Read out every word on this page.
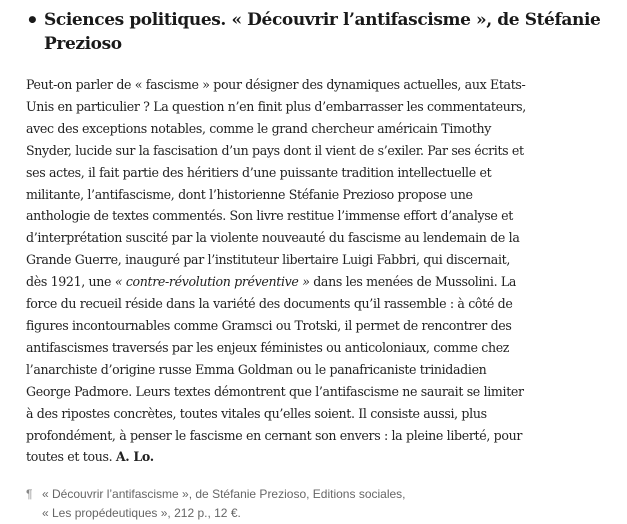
• Sciences politiques. « Découvrir l’antifascisme », de Stéfanie
Prezioso

Peut-on parler de « fascisme » pour désigner des dynamiques actuelles, aux Etats-
Unis en particulier ? La question n’en finit plus d’embarrasser les commentateurs,
avec des exceptions notables, comme le grand chercheur américain Timothy
Snyder, lucide sur la fascisation d’un pays dont il vient de s’exiler. Par ses écrits et
ses actes, il fait partie des héritiers d’une puissante tradition intellectuelle et
militante, l’antifascisme, dont l’historienne Stéfanie Prezioso propose une
anthologie de textes commentés. Son livre restitue l’immense effort d’analyse et
d’interprétation suscité par la violente nouveauté du fascisme au lendemain de la
Grande Guerre, inauguré par l’instituteur libertaire Luigi Fabbri, qui discernait,
dès 1921, une « contre-révolution préventive » dans les menées de Mussolini. La
force du recueil réside dans la variété des documents qu’il rassemble : à côté de
figures incontournables comme Gramsci ou Trotski, il permet de rencontrer des
antifascismes traversés par les enjeux féministes ou anticoloniaux, comme chez
l’anarchiste d’origine russe Emma Goldman ou le panafricaniste trinidadien
George Padmore. Leurs textes démontrent que l’antifascisme ne saurait se limiter
à des ripostes concrètes, toutes vitales qu’elles soient. Il consiste aussi, plus
profondément, à penser le fascisme en cernant son envers : la pleine liberté, pour
toutes et tous. A. Lo.

¶ « Découvrir l’antifascisme », de Stéfanie Prezioso, Editions sociales,
« Les propédeutiques », 212 p., 12 €.
